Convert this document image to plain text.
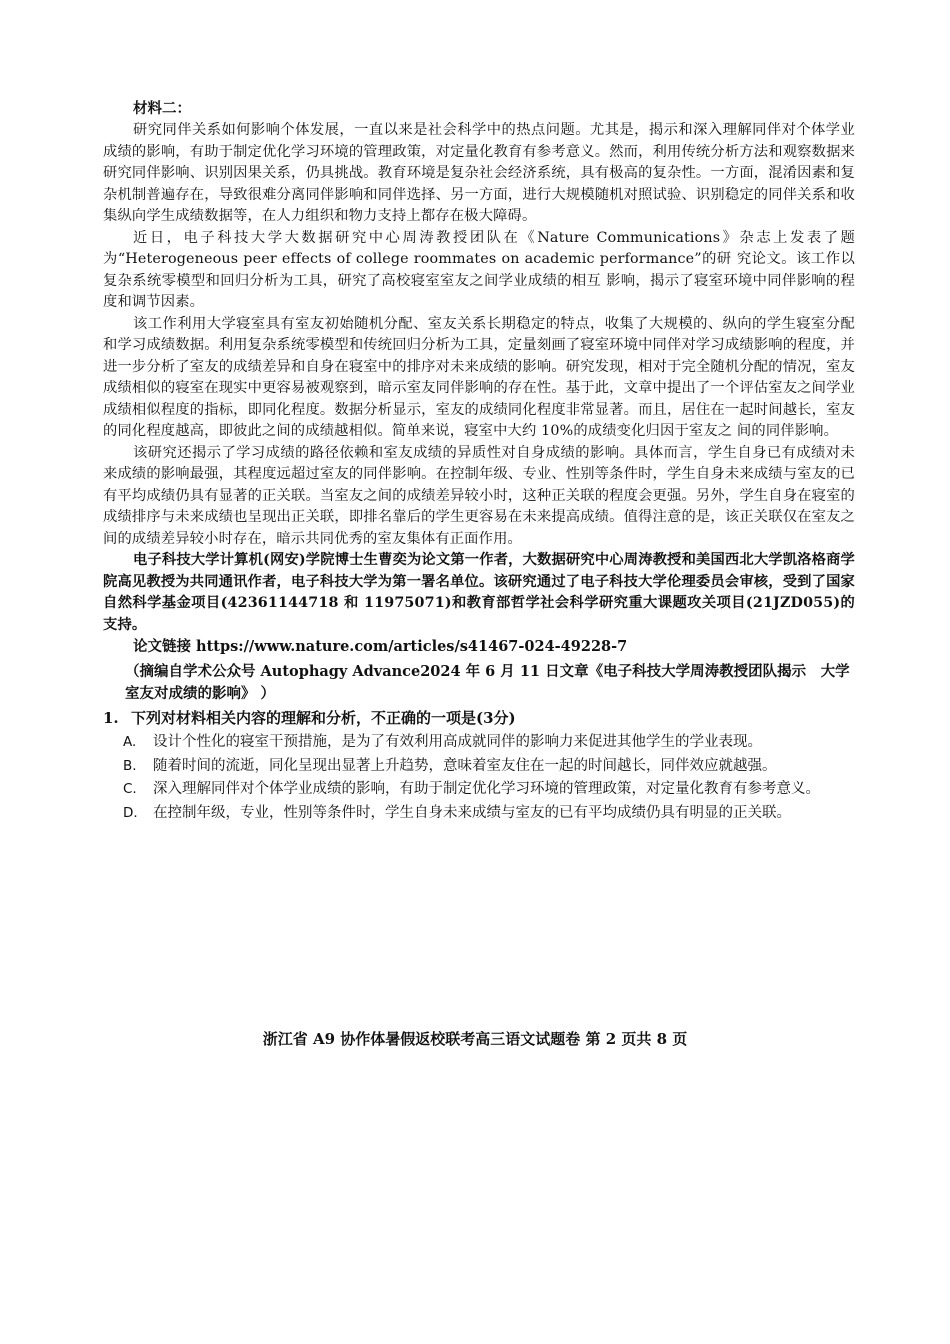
材料二：

研究同伴关系如何影响个体发展，一直以来是社会科学中的热点问题。尤其是，揭示和深入理解同伴对个体学业成绩的影响，有助于制定优化学习环境的管理政策，对定量化教育有参考意义。然而，利用传统分析方法和观察数据来研究同伴影响、识别因果关系，仍具挑战。教育环境是复杂社会经济系统，具有极高的复杂性。一方面，混淆因素和复杂机制普遍存在，导致很难分离同伴影响和同伴选择、另一方面，进行大规模随机对照试验、识别稳定的同伴关系和收集纵向学生成绩数据等，在人力组织和物力支持上都存在极大障碍。

近日，电子科技大学大数据研究中心周涛教授团队在《Nature Communications》杂志上发表了题为“Heterogeneous peer effects of college roommates on academic performance”的研 究论文。该工作以复杂系统零模型和回归分析为工具，研究了高校寝室室友之间学业成绩的相互 影响，揭示了寝室环境中同伴影响的程度和调节因素。

该工作利用大学寝室具有室友初始随机分配、室友关系长期稳定的特点，收集了大规模的、纵向的学生寝室分配和学习成绩数据。利用复杂系统零模型和传统回归分析为工具，定量刻画了寝室环境中同伴对学习成绩影响的程度，并进一步分析了室友的成绩差异和自身在寝室中的排序对未来成绩的影响。研究发现，相对于完全随机分配的情况，室友成绩相似的寝室在现实中更容易被观察到，暗示室友同伴影响的存在性。基于此，文章中提出了一个评估室友之间学业成绩相似程度的指标，即同化程度。数据分析显示，室友的成绩同化程度非常显著。而且，居住在一起时间越长，室友的同化程度越高，即彼此之间的成绩越相似。简单来说，寝室中大约 10%的成绩变化归因于室友之 间的同伴影响。

该研究还揭示了学习成绩的路径依赖和室友成绩的异质性对自身成绩的影响。具体而言，学生自身已有成绩对未来成绩的影响最强，其程度远超过室友的同伴影响。在控制年级、专业、性别等条件时，学生自身未来成绩与室友的已有平均成绩仍具有显著的正关联。当室友之间的成绩差异较小时，这种正关联的程度会更强。另外，学生自身在寝室的成绩排序与未来成绩也呈现出正关联，即排名靠后的学生更容易在未来提高成绩。值得注意的是，该正关联仅在室友之间的成绩差异较小时存在，暗示共同优秀的室友集体有正面作用。

电子科技大学计算机(网安)学院博士生曹奕为论文第一作者，大数据研究中心周涛教授和美国西北大学凯洛格商学院高见教授为共同通讯作者，电子科技大学为第一署名单位。该研究通过了电子科技大学伦理委员会审核，受到了国家自然科学基金项目(42361144718 和 11975071)和教育部哲学社会科学研究重大课题攻关项目(21JZD055)的支持。

论文链接 https://www.nature.com/articles/s41467-024-49228-7

（摘编自学术公众号 Autophagy Advance2024 年 6 月 11 日文章《电子科技大学周涛教授团队揭示　大学室友对成绩的影响》 ）

1. 下列对材料相关内容的理解和分析，不正确的一项是(3分)
A. 设计个性化的寝室干预措施，是为了有效利用高成就同伴的影响力来促进其他学生的学业表现。
B. 随着时间的流逝，同化呈现出显著上升趋势，意味着室友住在一起的时间越长，同伴效应就越强。
C. 深入理解同伴对个体学业成绩的影响，有助于制定优化学习环境的管理政策，对定量化教育有参考意义。
D. 在控制年级，专业，性别等条件时，学生自身未来成绩与室友的已有平均成绩仍具有明显的正关联。
浙江省 A9 协作体暑假返校联考高三语文试题卷 第 2 页共 8 页
